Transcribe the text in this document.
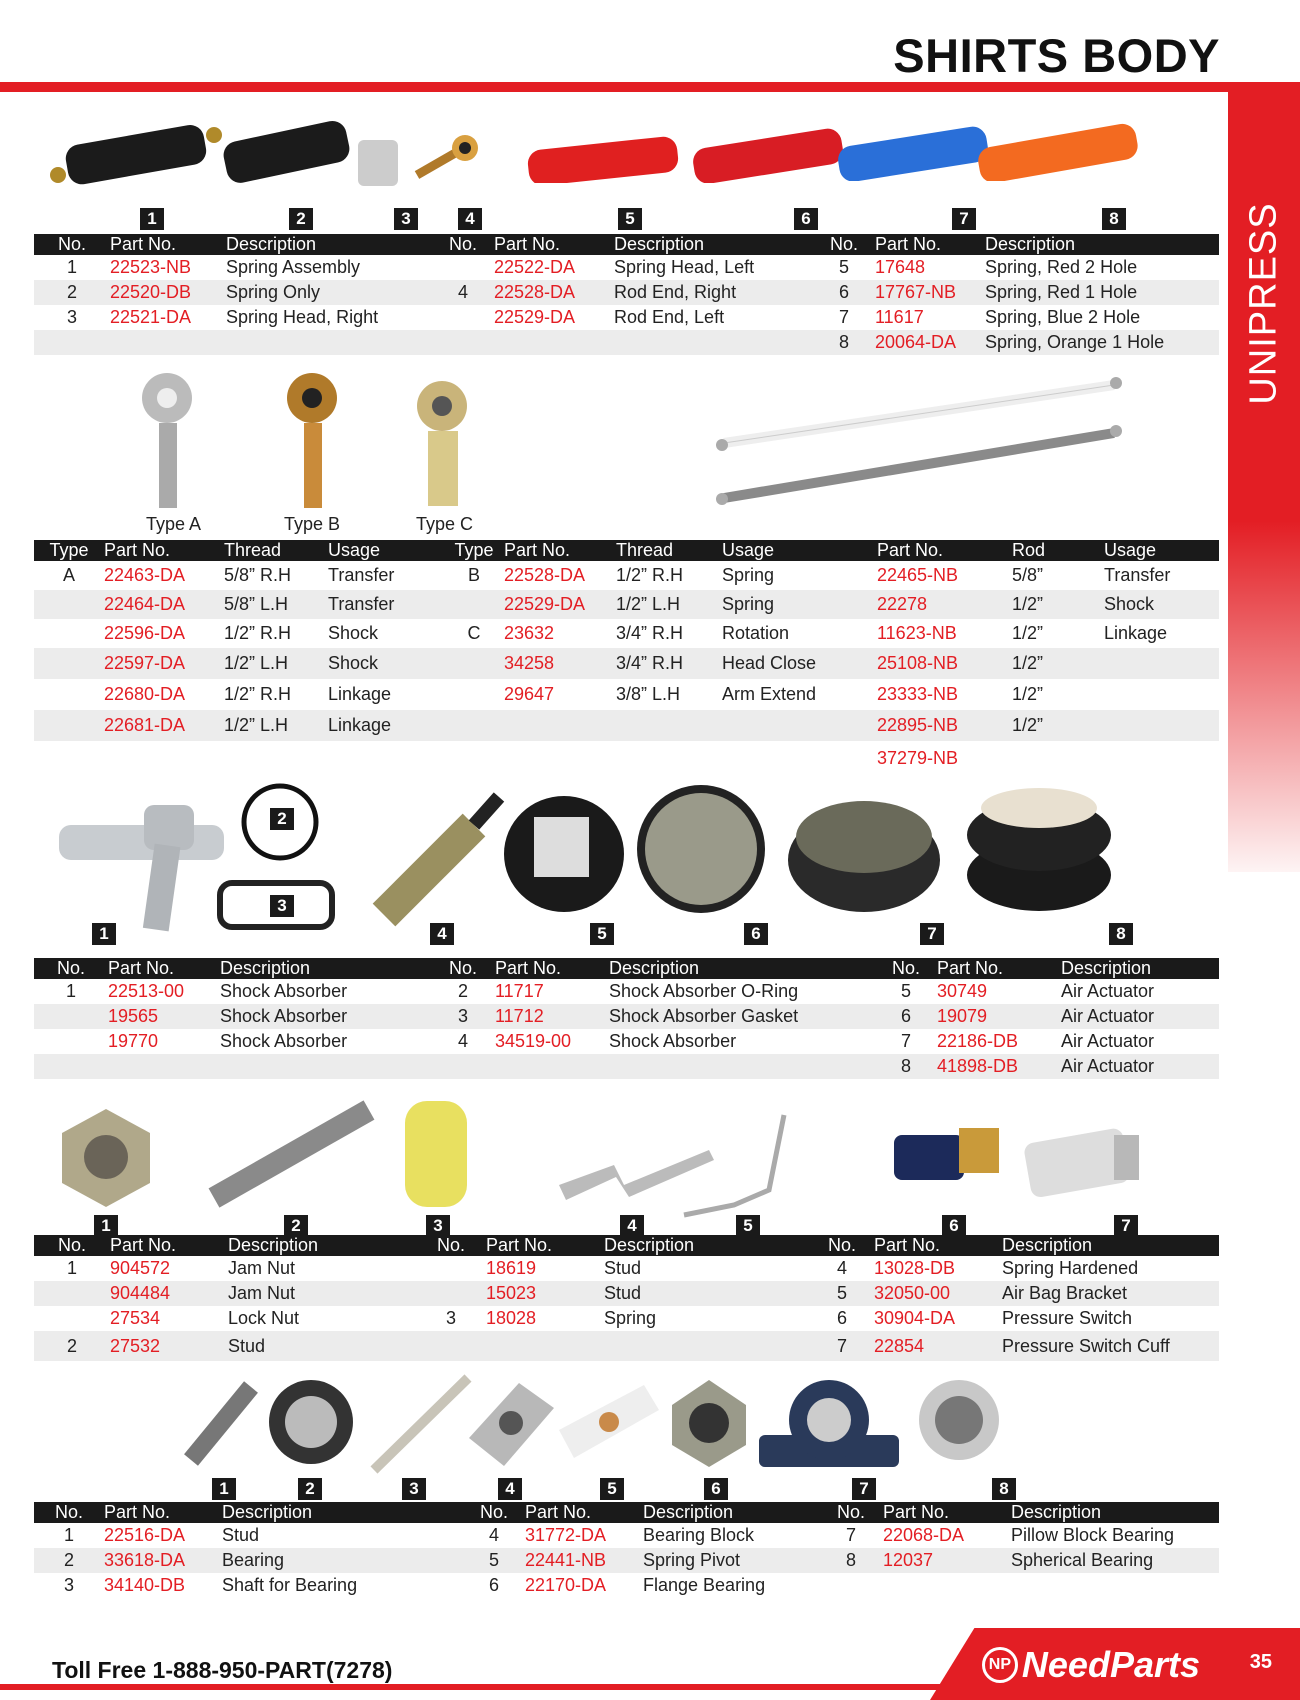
SHIRTS BODY
UNIPRESS
1	2	3	4	5	6	7	8
No.	Part No.	Description	No.	Part No.	Description	No.	Part No.	Description
1	22523-NB	Spring Assembly		22522-DA	Spring Head, Left	5	17648	Spring, Red 2 Hole
2	22520-DB	Spring Only	4	22528-DA	Rod End, Right	6	17767-NB	Spring, Red 1 Hole
3	22521-DA	Spring Head, Right		22529-DA	Rod End, Left	7	11617	Spring, Blue 2 Hole
						8	20064-DA	Spring, Orange 1 Hole
Type A	Type B	Type C
Type	Part No.	Thread	Usage	Type	Part No.	Thread	Usage	Part No.	Rod	Usage
A	22463-DA	5/8” R.H	Transfer	B	22528-DA	1/2” R.H	Spring	22465-NB	5/8”	Transfer
	22464-DA	5/8” L.H	Transfer		22529-DA	1/2” L.H	Spring	22278	1/2”	Shock
	22596-DA	1/2” R.H	Shock	C	23632	3/4” R.H	Rotation	11623-NB	1/2”	Linkage
	22597-DA	1/2” L.H	Shock		34258	3/4” R.H	Head Close	25108-NB	1/2”	
	22680-DA	1/2” R.H	Linkage		29647	3/8” L.H	Arm Extend	23333-NB	1/2”	
	22681-DA	1/2” L.H	Linkage					22895-NB	1/2”	
								37279-NB		
1
2
3
4	5	6	7	8
No.	Part No.	Description	No.	Part No.	Description	No.	Part No.	Description
1	22513-00	Shock Absorber	2	11717	Shock Absorber O-Ring	5	30749	Air Actuator
	19565	Shock Absorber	3	11712	Shock Absorber Gasket	6	19079	Air Actuator
	19770	Shock Absorber	4	34519-00	Shock Absorber	7	22186-DB	Air Actuator
						8	41898-DB	Air Actuator
1	2	3	4	5	6	7
No.	Part No.	Description	No.	Part No.	Description	No.	Part No.	Description
1	904572	Jam Nut		18619	Stud	4	13028-DB	Spring Hardened
	904484	Jam Nut		15023	Stud	5	32050-00	Air Bag Bracket
	27534	Lock Nut	3	18028	Spring	6	30904-DA	Pressure Switch
2	27532	Stud				7	22854	Pressure Switch Cuff
1	2	3	4	5	6	7	8
No.	Part No.	Description	No.	Part No.	Description	No.	Part No.	Description
1	22516-DA	Stud	4	31772-DA	Bearing Block	7	22068-DA	Pillow Block Bearing
2	33618-DA	Bearing	5	22441-NB	Spring Pivot	8	12037	Spherical Bearing
3	34140-DB	Shaft for Bearing	6	22170-DA	Flange Bearing			
Toll Free 1-888-950-PART(7278)	NP NeedParts 35
